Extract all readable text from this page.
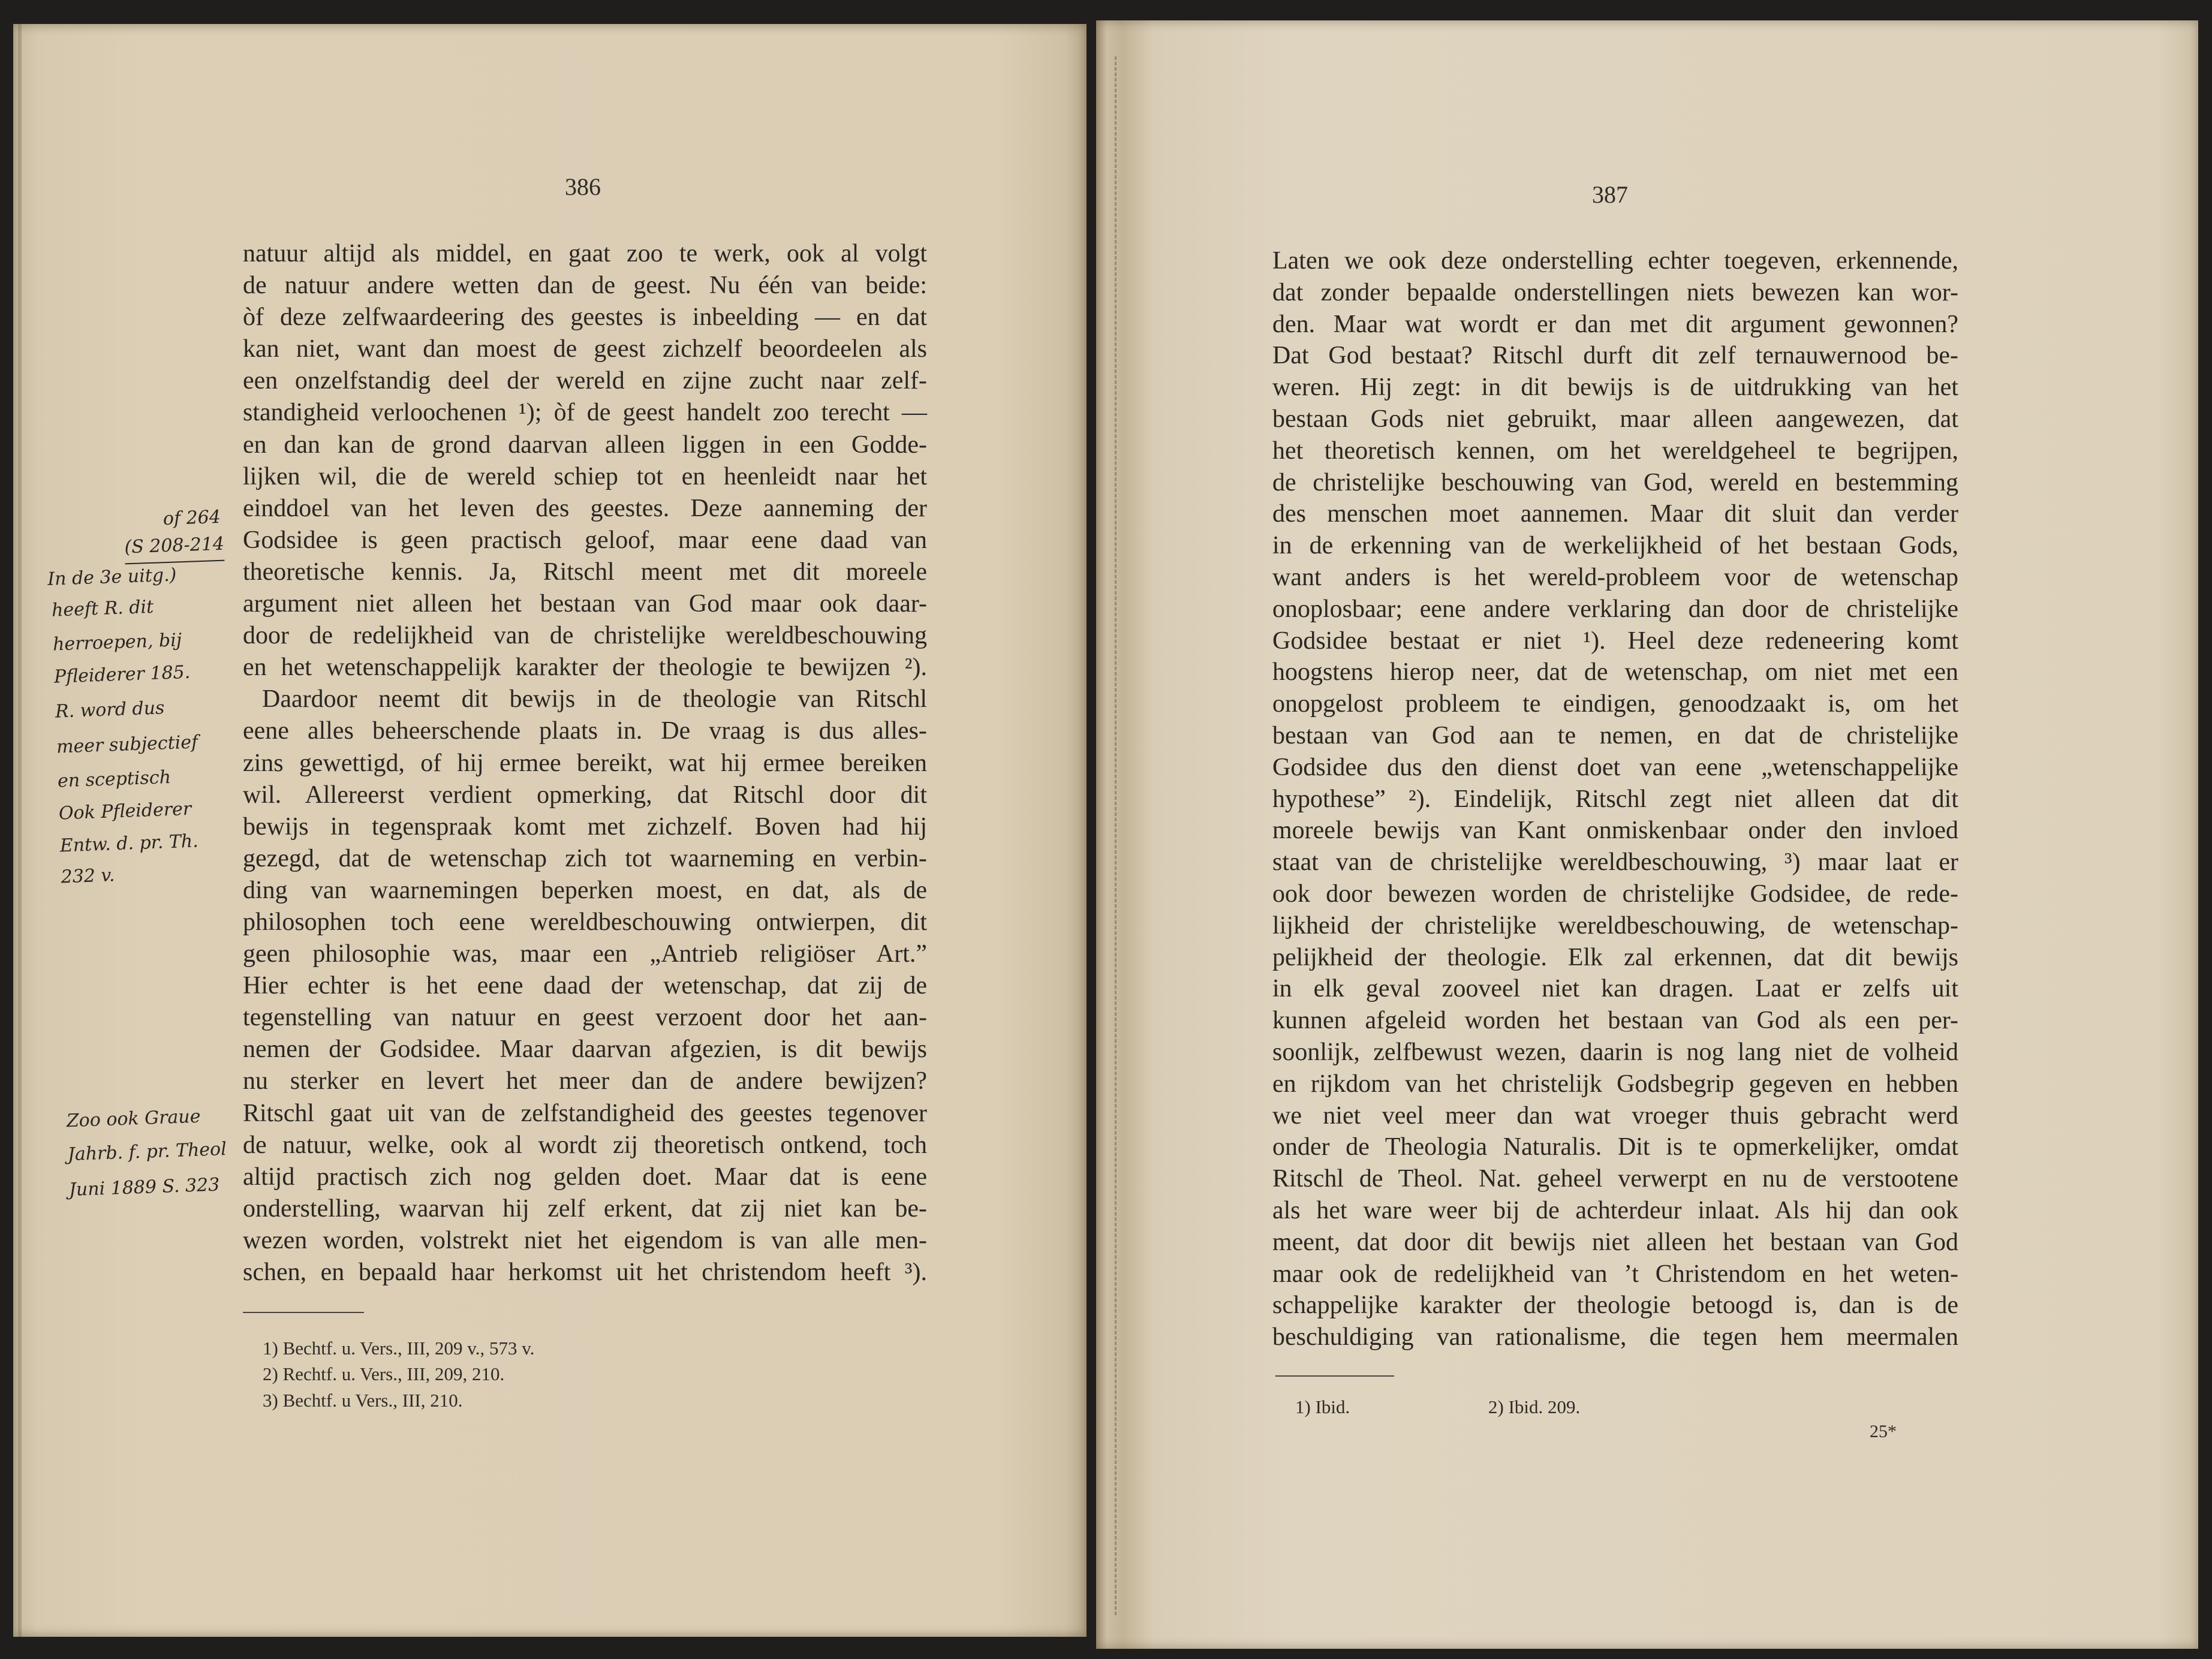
386
of 264
(S 208-214
In de 3e uitg.)
heeft R. dit
herroepen, bij
Pfleiderer 185.
R. word dus
meer subjectief
en sceptisch
Ook Pfleiderer
Entw. d. pr. Th.
232 v.
Zoo ook Graue
Jahrb. f. pr. Theol
Juni 1889 S. 323
natuur altijd als middel, en gaat zoo te werk, ook al volgt
de natuur andere wetten dan de geest. Nu één van beide:
òf deze zelfwaardeering des geestes is inbeelding — en dat
kan niet, want dan moest de geest zichzelf beoordeelen als
een onzelfstandig deel der wereld en zijne zucht naar zelf-
standigheid verloochenen ¹); òf de geest handelt zoo terecht —
en dan kan de grond daarvan alleen liggen in een Godde-
lijken wil, die de wereld schiep tot en heenleidt naar het
einddoel van het leven des geestes. Deze aanneming der
Godsidee is geen practisch geloof, maar eene daad van
theoretische kennis. Ja, Ritschl meent met dit moreele
argument niet alleen het bestaan van God maar ook daar-
door de redelijkheid van de christelijke wereldbeschouwing
en het wetenschappelijk karakter der theologie te bewijzen ²).
Daardoor neemt dit bewijs in de theologie van Ritschl
eene alles beheerschende plaats in. De vraag is dus alles-
zins gewettigd, of hij ermee bereikt, wat hij ermee bereiken
wil. Allereerst verdient opmerking, dat Ritschl door dit
bewijs in tegenspraak komt met zichzelf. Boven had hij
gezegd, dat de wetenschap zich tot waarneming en verbin-
ding van waarnemingen beperken moest, en dat, als de
philosophen toch eene wereldbeschouwing ontwierpen, dit
geen philosophie was, maar een „Antrieb religiöser Art.”
Hier echter is het eene daad der wetenschap, dat zij de
tegenstelling van natuur en geest verzoent door het aan-
nemen der Godsidee. Maar daarvan afgezien, is dit bewijs
nu sterker en levert het meer dan de andere bewijzen?
Ritschl gaat uit van de zelfstandigheid des geestes tegenover
de natuur, welke, ook al wordt zij theoretisch ontkend, toch
altijd practisch zich nog gelden doet. Maar dat is eene
onderstelling, waarvan hij zelf erkent, dat zij niet kan be-
wezen worden, volstrekt niet het eigendom is van alle men-
schen, en bepaald haar herkomst uit het christendom heeft ³).
1) Bechtf. u. Vers., III, 209 v., 573 v.
2) Rechtf. u. Vers., III, 209, 210.
3) Bechtf. u Vers., III, 210.
387
Laten we ook deze onderstelling echter toegeven, erkennende,
dat zonder bepaalde onderstellingen niets bewezen kan wor-
den. Maar wat wordt er dan met dit argument gewonnen?
Dat God bestaat? Ritschl durft dit zelf ternauwernood be-
weren. Hij zegt: in dit bewijs is de uitdrukking van het
bestaan Gods niet gebruikt, maar alleen aangewezen, dat
het theoretisch kennen, om het wereldgeheel te begrijpen,
de christelijke beschouwing van God, wereld en bestemming
des menschen moet aannemen. Maar dit sluit dan verder
in de erkenning van de werkelijkheid of het bestaan Gods,
want anders is het wereld-probleem voor de wetenschap
onoplosbaar; eene andere verklaring dan door de christelijke
Godsidee bestaat er niet ¹). Heel deze redeneering komt
hoogstens hierop neer, dat de wetenschap, om niet met een
onopgelost probleem te eindigen, genoodzaakt is, om het
bestaan van God aan te nemen, en dat de christelijke
Godsidee dus den dienst doet van eene „wetenschappelijke
hypothese” ²). Eindelijk, Ritschl zegt niet alleen dat dit
moreele bewijs van Kant onmiskenbaar onder den invloed
staat van de christelijke wereldbeschouwing, ³) maar laat er
ook door bewezen worden de christelijke Godsidee, de rede-
lijkheid der christelijke wereldbeschouwing, de wetenschap-
pelijkheid der theologie. Elk zal erkennen, dat dit bewijs
in elk geval zooveel niet kan dragen. Laat er zelfs uit
kunnen afgeleid worden het bestaan van God als een per-
soonlijk, zelfbewust wezen, daarin is nog lang niet de volheid
en rijkdom van het christelijk Godsbegrip gegeven en hebben
we niet veel meer dan wat vroeger thuis gebracht werd
onder de Theologia Naturalis. Dit is te opmerkelijker, omdat
Ritschl de Theol. Nat. geheel verwerpt en nu de verstootene
als het ware weer bij de achterdeur inlaat. Als hij dan ook
meent, dat door dit bewijs niet alleen het bestaan van God
maar ook de redelijkheid van ’t Christendom en het weten-
schappelijke karakter der theologie betoogd is, dan is de
beschuldiging van rationalisme, die tegen hem meermalen
1) Ibid.	2) Ibid. 209.
25*
